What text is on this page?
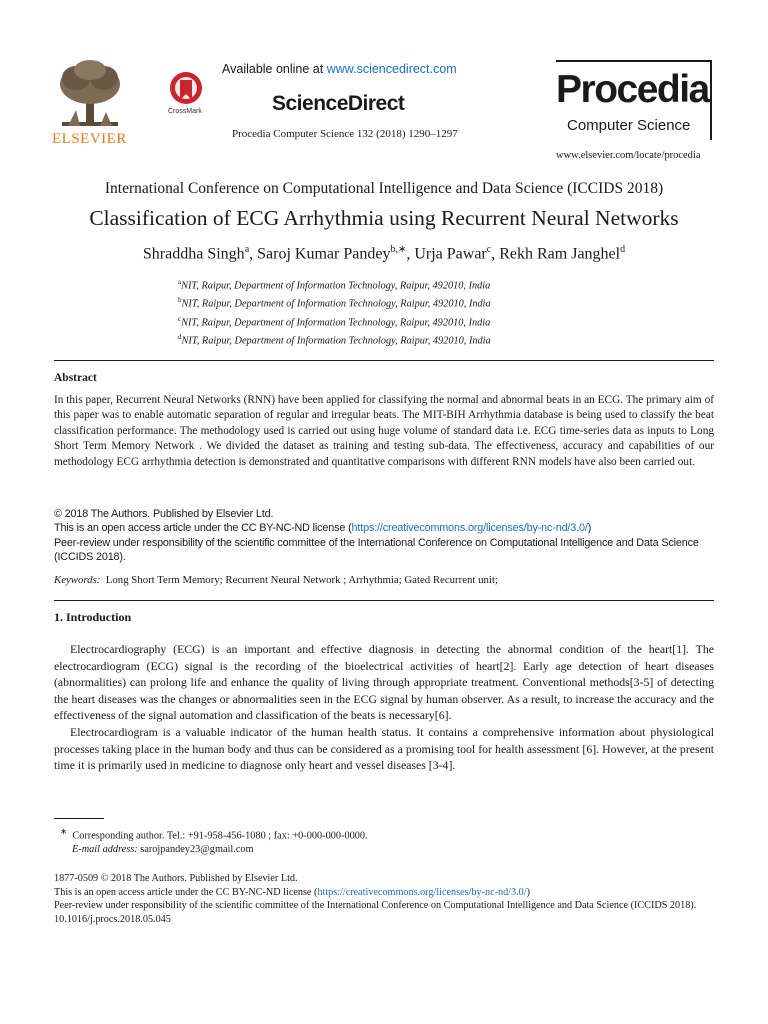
ELSEVIER
CrossMark
Available online at www.sciencedirect.com
ScienceDirect
Procedia Computer Science 132 (2018) 1290–1297
Procedia
Computer Science
www.elsevier.com/locate/procedia
International Conference on Computational Intelligence and Data Science (ICCIDS 2018)
Classification of ECG Arrhythmia using Recurrent Neural Networks
Shraddha Singh$^a$, Saroj Kumar Pandey$^{b,∗}$, Urja Pawar$^c$, Rekh Ram Janghel$^d$
$^a$NIT, Raipur, Department of Information Technology, Raipur, 492010, India
$^b$NIT, Raipur, Department of Information Technology, Raipur, 492010, India
$^c$NIT, Raipur, Department of Information Technology, Raipur, 492010, India
$^d$NIT, Raipur, Department of Information Technology, Raipur, 492010, India
Abstract
In this paper, Recurrent Neural Networks (RNN) have been applied for classifying the normal and abnormal beats in an ECG. The primary aim of this paper was to enable automatic separation of regular and irregular beats. The MIT-BIH Arrhythmia database is being used to classify the beat classification performance. The methodology used is carried out using huge volume of standard data i.e. ECG time-series data as inputs to Long Short Term Memory Network . We divided the dataset as training and testing sub-data. The effectiveness, accuracy and capabilities of our methodology ECG arrhythmia detection is demonstrated and quantitative comparisons with different RNN models have also been carried out.
© 2018 The Authors. Published by Elsevier Ltd.
This is an open access article under the CC BY-NC-ND license (https://creativecommons.org/licenses/by-nc-nd/3.0/)
Peer-review under responsibility of the scientific committee of the International Conference on Computational Intelligence and Data Science (ICCIDS 2018).
Keywords: Long Short Term Memory; Recurrent Neural Network ; Arrhythmia; Gated Recurrent unit;
1. Introduction

Electrocardiography (ECG) is an important and effective diagnosis in detecting the abnormal condition of the heart[1]. The electrocardiogram (ECG) signal is the recording of the bioelectrical activities of heart[2]. Early age detection of heart diseases (abnormalities) can prolong life and enhance the quality of living through appropriate treatment. Conventional methods[3-5] of detecting the heart diseases was the changes or abnormalities seen in the ECG signal by human observer. As a result, to increase the accuracy and the effectiveness of the signal automation and classification of the beats is necessary[6].

Electrocardiogram is a valuable indicator of the human health status. It contains a comprehensive information about physiological processes taking place in the human body and thus can be considered as a promising tool for health assessment [6]. However, at the present time it is primarily used in medicine to diagnose only heart and vessel diseases [3-4].

∗ Corresponding author. Tel.: +91-958-456-1080 ; fax: +0-000-000-0000.
E-mail address: sarojpandey23@gmail.com
1877-0509 © 2018 The Authors. Published by Elsevier Ltd.
This is an open access article under the CC BY-NC-ND license (https://creativecommons.org/licenses/by-nc-nd/3.0/)
Peer-review under responsibility of the scientific committee of the International Conference on Computational Intelligence and Data Science (ICCIDS 2018).
10.1016/j.procs.2018.05.045
